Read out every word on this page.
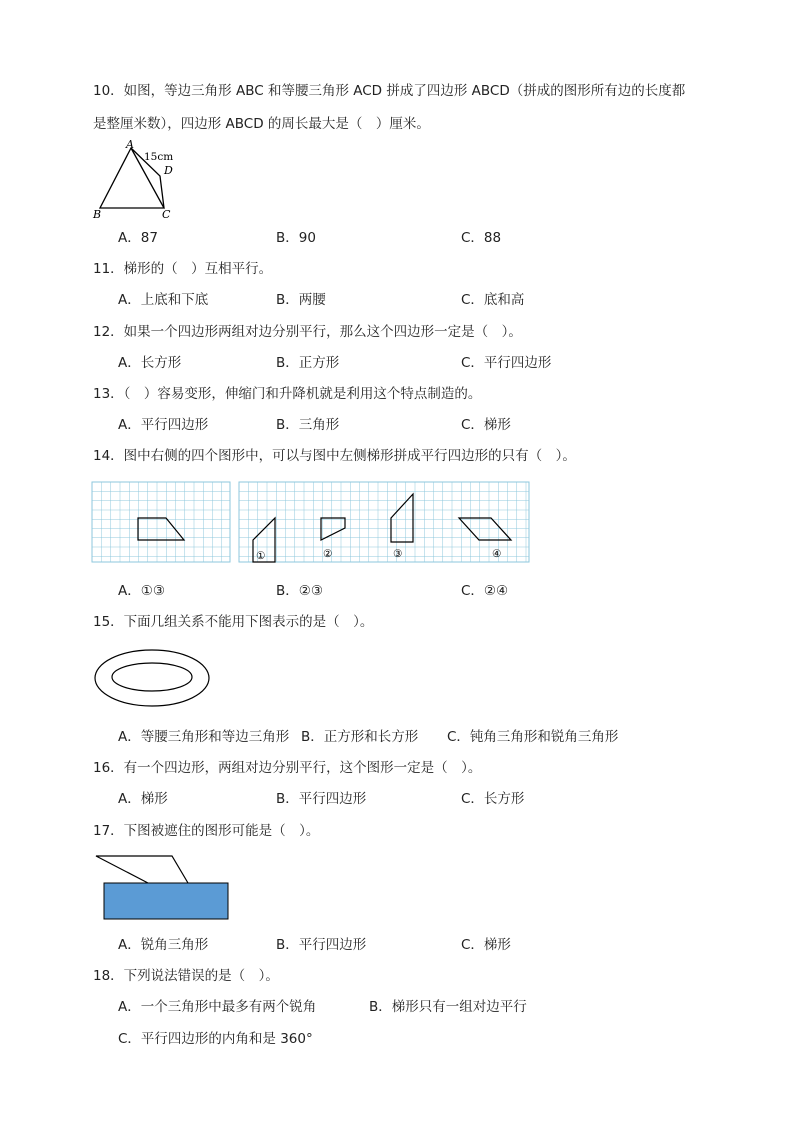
10．如图，等边三角形 ABC 和等腰三角形 ACD 拼成了四边形 ABCD（拼成的图形所有边的长度都
是整厘米数），四边形 ABCD 的周长最大是（　）厘米。
A
B	C
D
15cm
A．87	B．90	C．88
11．梯形的（　）互相平行。
A．上底和下底	B．两腰	C．底和高
12．如果一个四边形两组对边分别平行，那么这个四边形一定是（　）。
A．长方形	B．正方形	C．平行四边形
13．（　）容易变形，伸缩门和升降机就是利用这个特点制造的。
A．平行四边形	B．三角形	C．梯形
14．图中右侧的四个图形中，可以与图中左侧梯形拼成平行四边形的只有（　）。
①	②	③	④
A．①③	B．②③	C．②④
15．下面几组关系不能用下图表示的是（　）。
A．等腰三角形和等边三角形 B．正方形和长方形 C．钝角三角形和锐角三角形
16．有一个四边形，两组对边分别平行，这个图形一定是（　）。
A．梯形	B．平行四边形	C．长方形
17．下图被遮住的图形可能是（　）。
A．锐角三角形	B．平行四边形	C．梯形
18．下列说法错误的是（　）。
A．一个三角形中最多有两个锐角	B．梯形只有一组对边平行
C．平行四边形的内角和是 360°
